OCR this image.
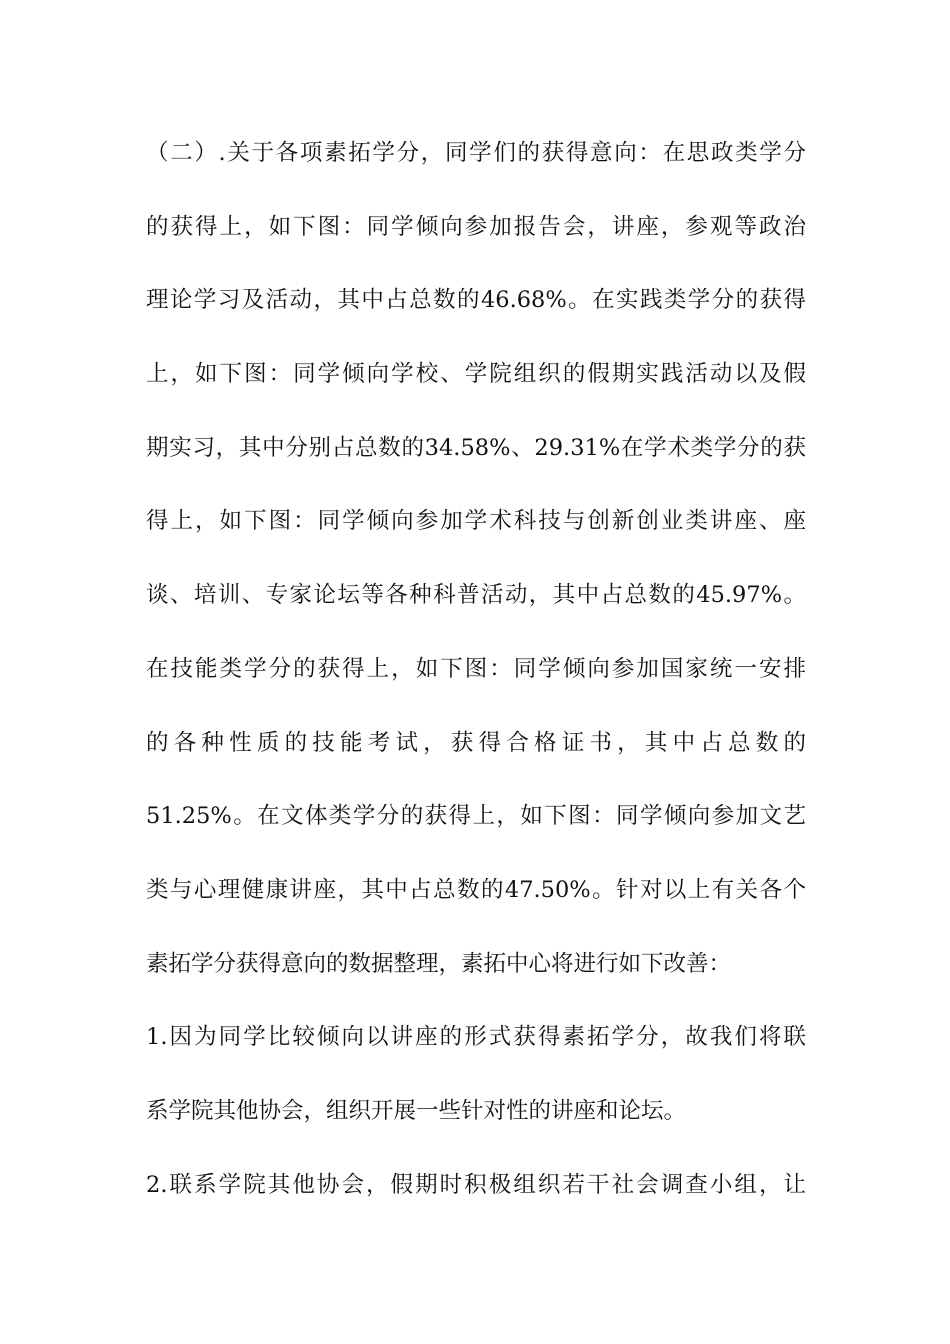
（二）.关于各项素拓学分，同学们的获得意向：在思政类学分
的获得上，如下图：同学倾向参加报告会，讲座，参观等政治
理论学习及活动，其中占总数的46.68%。在实践类学分的获得
上，如下图：同学倾向学校、学院组织的假期实践活动以及假
期实习，其中分别占总数的34.58%、29.31%在学术类学分的获
得上，如下图：同学倾向参加学术科技与创新创业类讲座、座
谈、培训、专家论坛等各种科普活动，其中占总数的45.97%。
在技能类学分的获得上，如下图：同学倾向参加国家统一安排
的各种性质的技能考试，获得合格证书，其中占总数的
51.25%。在文体类学分的获得上，如下图：同学倾向参加文艺
类与心理健康讲座，其中占总数的47.50%。针对以上有关各个
素拓学分获得意向的数据整理，素拓中心将进行如下改善：
1.因为同学比较倾向以讲座的形式获得素拓学分，故我们将联
系学院其他协会，组织开展一些针对性的讲座和论坛。
2.联系学院其他协会，假期时积极组织若干社会调查小组，让
